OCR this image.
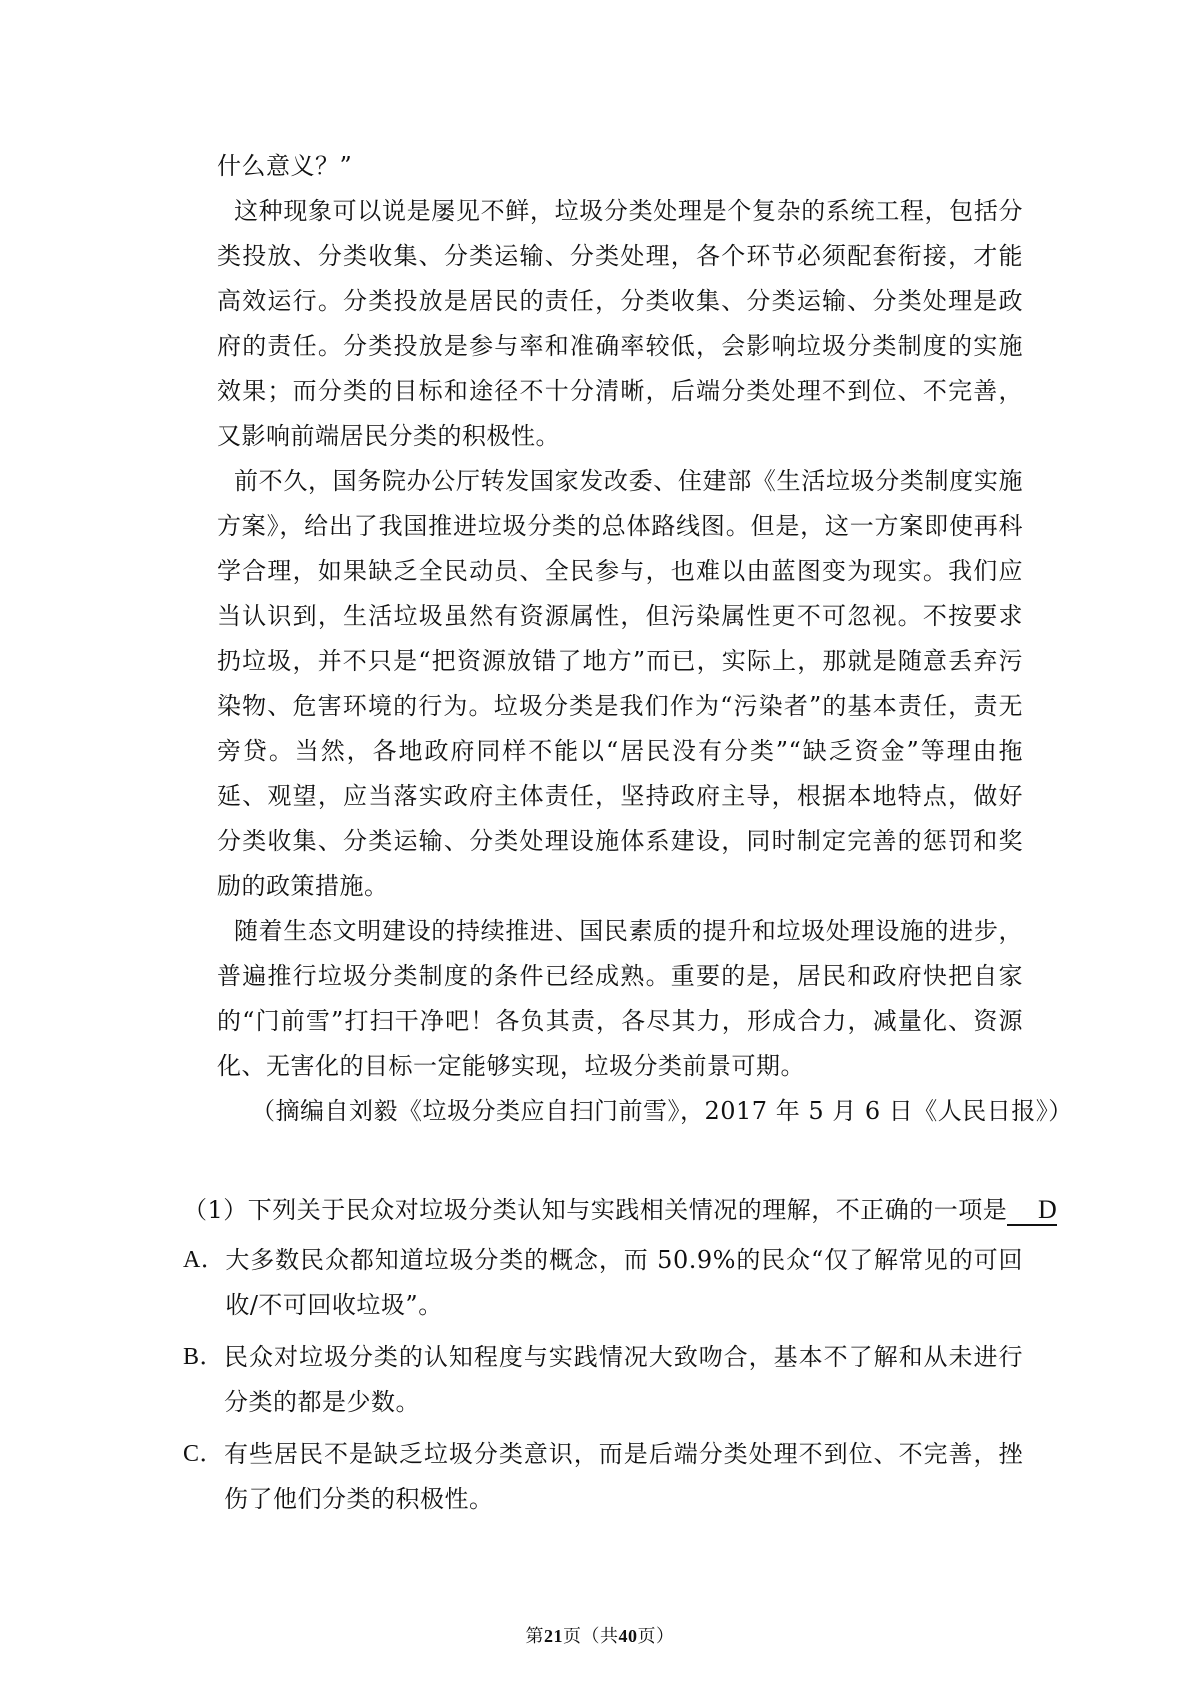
什么意义？”

这种现象可以说是屡见不鲜，垃圾分类处理是个复杂的系统工程，包括分类投放、分类收集、分类运输、分类处理，各个环节必须配套衔接，才能高效运行。分类投放是居民的责任，分类收集、分类运输、分类处理是政府的责任。分类投放是参与率和准确率较低，会影响垃圾分类制度的实施效果；而分类的目标和途径不十分清晰，后端分类处理不到位、不完善，又影响前端居民分类的积极性。

前不久，国务院办公厅转发国家发改委、住建部《生活垃圾分类制度实施方案》，给出了我国推进垃圾分类的总体路线图。但是，这一方案即使再科学合理，如果缺乏全民动员、全民参与，也难以由蓝图变为现实。我们应当认识到，生活垃圾虽然有资源属性，但污染属性更不可忽视。不按要求扔垃圾，并不只是“把资源放错了地方”而已，实际上，那就是随意丢弃污染物、危害环境的行为。垃圾分类是我们作为“污染者”的基本责任，责无旁贷。当然，各地政府同样不能以“居民没有分类”“缺乏资金”等理由拖延、观望，应当落实政府主体责任，坚持政府主导，根据本地特点，做好分类收集、分类运输、分类处理设施体系建设，同时制定完善的惩罚和奖励的政策措施。

随着生态文明建设的持续推进、国民素质的提升和垃圾处理设施的进步，普遍推行垃圾分类制度的条件已经成熟。重要的是，居民和政府快把自家的“门前雪”打扫干净吧！各负其责，各尽其力，形成合力，减量化、资源化、无害化的目标一定能够实现，垃圾分类前景可期。

（摘编自刘毅《垃圾分类应自扫门前雪》，2017 年 5 月 6 日《人民日报》）

（1）下列关于民众对垃圾分类认知与实践相关情况的理解，不正确的一项是 D
A． 大多数民众都知道垃圾分类的概念，而 50.9%的民众“仅了解常见的可回收/不可回收垃圾”。
B． 民众对垃圾分类的认知程度与实践情况大致吻合，基本不了解和从未进行分类的都是少数。
C． 有些居民不是缺乏垃圾分类意识，而是后端分类处理不到位、不完善，挫伤了他们分类的积极性。
第21页（共40页）
